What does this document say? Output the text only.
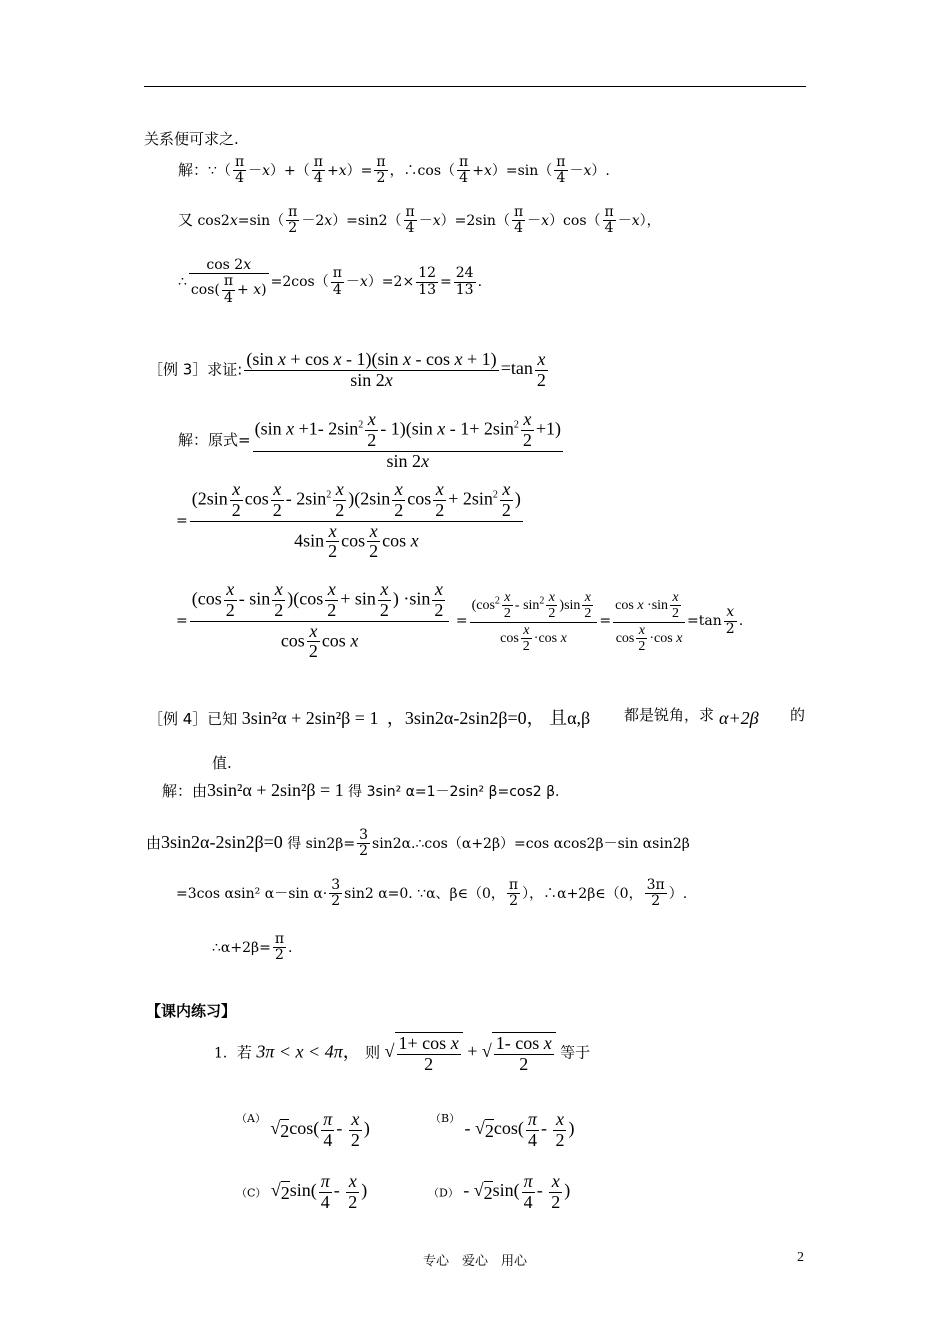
关系便可求之.
解：∵（ $\frac{\pi}{4} -x)+( \frac{\pi}{4} +x)= \frac{\pi}{2}$ ，∴cos（ $\frac{\pi}{4} +x)=\sin( \frac{\pi}{4} -x)$.
又 $\cos 2x=\sin( \frac{\pi}{2} -2x)=\sin 2( \frac{\pi}{4} -x)=2\sin( \frac{\pi}{4} -x)\cos( \frac{\pi}{4} -x)$，
∴ $\frac{\cos 2x}{\cos( \frac{\pi}{4} + x)} =2\cos( \frac{\pi}{4} -x)=2\times \frac{12}{13} = \frac{24}{13}$ .
［例 3］求证: $\frac{\text{(sin x + cos x - 1)(sin x - cos x + 1)}}{\sin 2x} =\tan \frac{x}{2}$
解：原式= $\frac{(\sin x +1- 2\sin^2 \frac{x}{2} - 1)(\sin x - 1+ 2\sin^2 \frac{x}{2} +1)}{\sin 2x}$
= $\frac{(2\sin \frac{x}{2} \cos \frac{x}{2} - 2\sin^2 \frac{x}{2} )(2\sin \frac{x}{2} \cos \frac{x}{2} + 2\sin^2 \frac{x}{2} )}{4\sin \frac{x}{2} \cos \frac{x}{2} \cos x}$
= $\frac{(\cos \frac{x}{2} - \sin \frac{x}{2} )(\cos \frac{x}{2} + \sin \frac{x}{2} ) \cdot\sin \frac{x}{2}}{\cos \frac{x}{2} \cos x} = \frac{(\cos^2 \frac{x}{2} - \sin^2 \frac{x}{2} )\sin \frac{x}{2}}{\cos \frac{x}{2} \cdot\cos x} = \frac{\cos x \cdot\sin \frac{x}{2}}{\cos \frac{x}{2} \cdot\cos x} =\tan \frac{x}{2}$ .
［例 4］已知 3sin²α + 2sin²β = 1 ，3sin2α-2sin2β=0， 且α,β 都是锐角，求 α+2β 的
值.
解：由3sin²α + 2sin²β = 1 得 3sin² α=1－2sin² β=cos2 β.
由3sin2α-2sin2β=0 得 $\sin 2\beta= \frac{3}{2}$ sin2α.∴cos（α+2β）=cos αcos2β－sin αsin2β
=3cos αsin² α－sin $\alpha\cdot \frac{3}{2} \sin 2$ α=0. ∵α、β∈（0， $\frac{\pi}{2}$ ），∴α+2β∈（0， $\frac{3\pi}{2}$ ）.
∴α+2β= $\frac{\pi}{2}$ .
【课内练习】
1．若 3π < x < 4π， 则 √ $\frac{\text{1+ cos x}}{2}$ + √ $\frac{\text{1- cos x}}{2}$ 等于
$^{(A)}$ $√2\cos( \frac{\pi}{4} - \frac{x}{2}$ )	$^{(B)} - √2\cos( \frac{\pi}{4} - \frac{x}{2}$ )
（C） $√2\sin( \frac{\pi}{4} - \frac{x}{2}$ )	$(D) - √2\sin( \frac{\pi}{4} - \frac{x}{2}$ )
专心　爱心　用心	2
